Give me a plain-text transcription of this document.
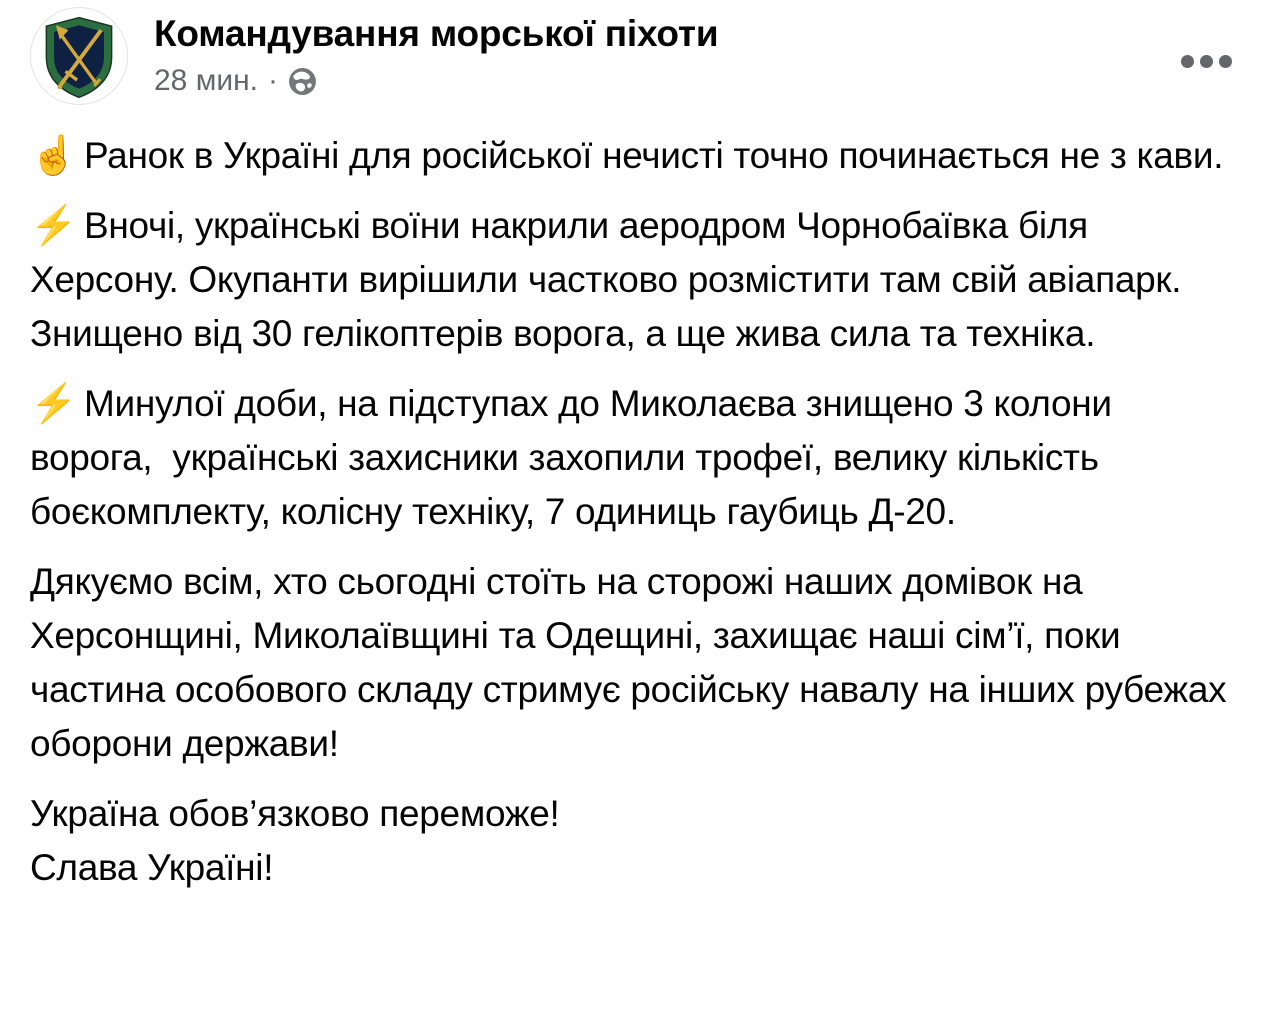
Командування морської піхоти
28 мин. ·

☝ Ранок в Україні для російської нечисті точно починається не з кави.

⚡ Вночі, українські воїни накрили аеродром Чорнобаївка біля Херсону. Окупанти вирішили частково розмістити там свій авіапарк. Знищено від 30 гелікоптерів ворога, а ще жива сила та техніка.

⚡ Минулої доби, на підступах до Миколаєва знищено 3 колони ворога,  українські захисники захопили трофеї, велику кількість боєкомплекту, колісну техніку, 7 одиниць гаубиць Д-20.

Дякуємо всім, хто сьогодні стоїть на сторожі наших домівок на Херсонщині, Миколаївщині та Одещині, захищає наші сім’ї, поки частина особового складу стримує російську навалу на інших рубежах оборони держави!

Україна обов’язково переможе!
Слава Україні!
